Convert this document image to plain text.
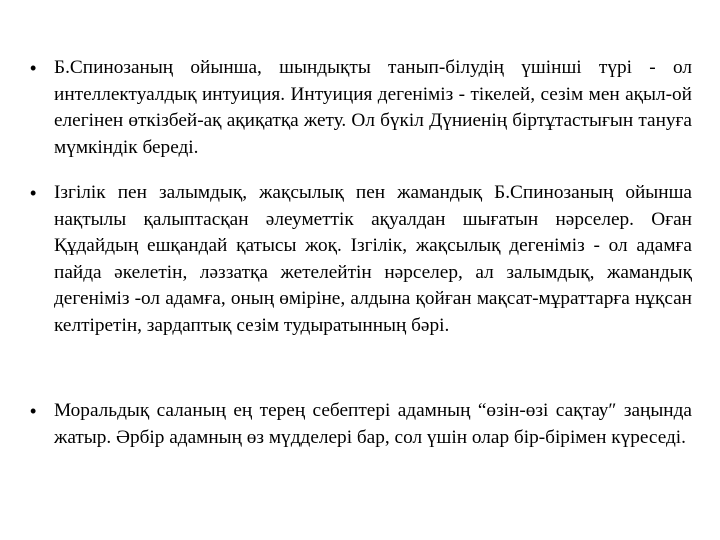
• Б.Спинозаның ойынша, шындықты танып-білудің үшінші түрі - ол интеллектуалдық интуиция. Интуиция дегеніміз - тікелей, сезім мен ақыл-ой елегінен өткізбей-ақ ақиқатқа жету. Ол бүкіл Дүниенің біртұтастығын тануға мүмкіндік береді.
• Ізгілік пен залымдық, жақсылық пен жамандық Б.Спинозаның ойынша нақтылы қалыптасқан әлеуметтік ақуалдан шығатын нәрселер. Оған Құдайдың ешқандай қатысы жоқ. Ізгілік, жақсылық дегеніміз - ол адамға пайда әкелетін, ләззатқа жетелейтін нәрселер, ал залымдық, жамандық дегеніміз -ол адамға, оның өміріне, алдына қойған мақсат-мұраттарға нұқсан келтіретін, зардаптық сезім тудыратынның бәрі.
• Моральдық саланың ең терең себептері адамның “өзін-өзі сақтау″ заңында жатыр. Әрбір адамның өз мүдделері бар, сол үшін олар бір-бірімен күреседі.
